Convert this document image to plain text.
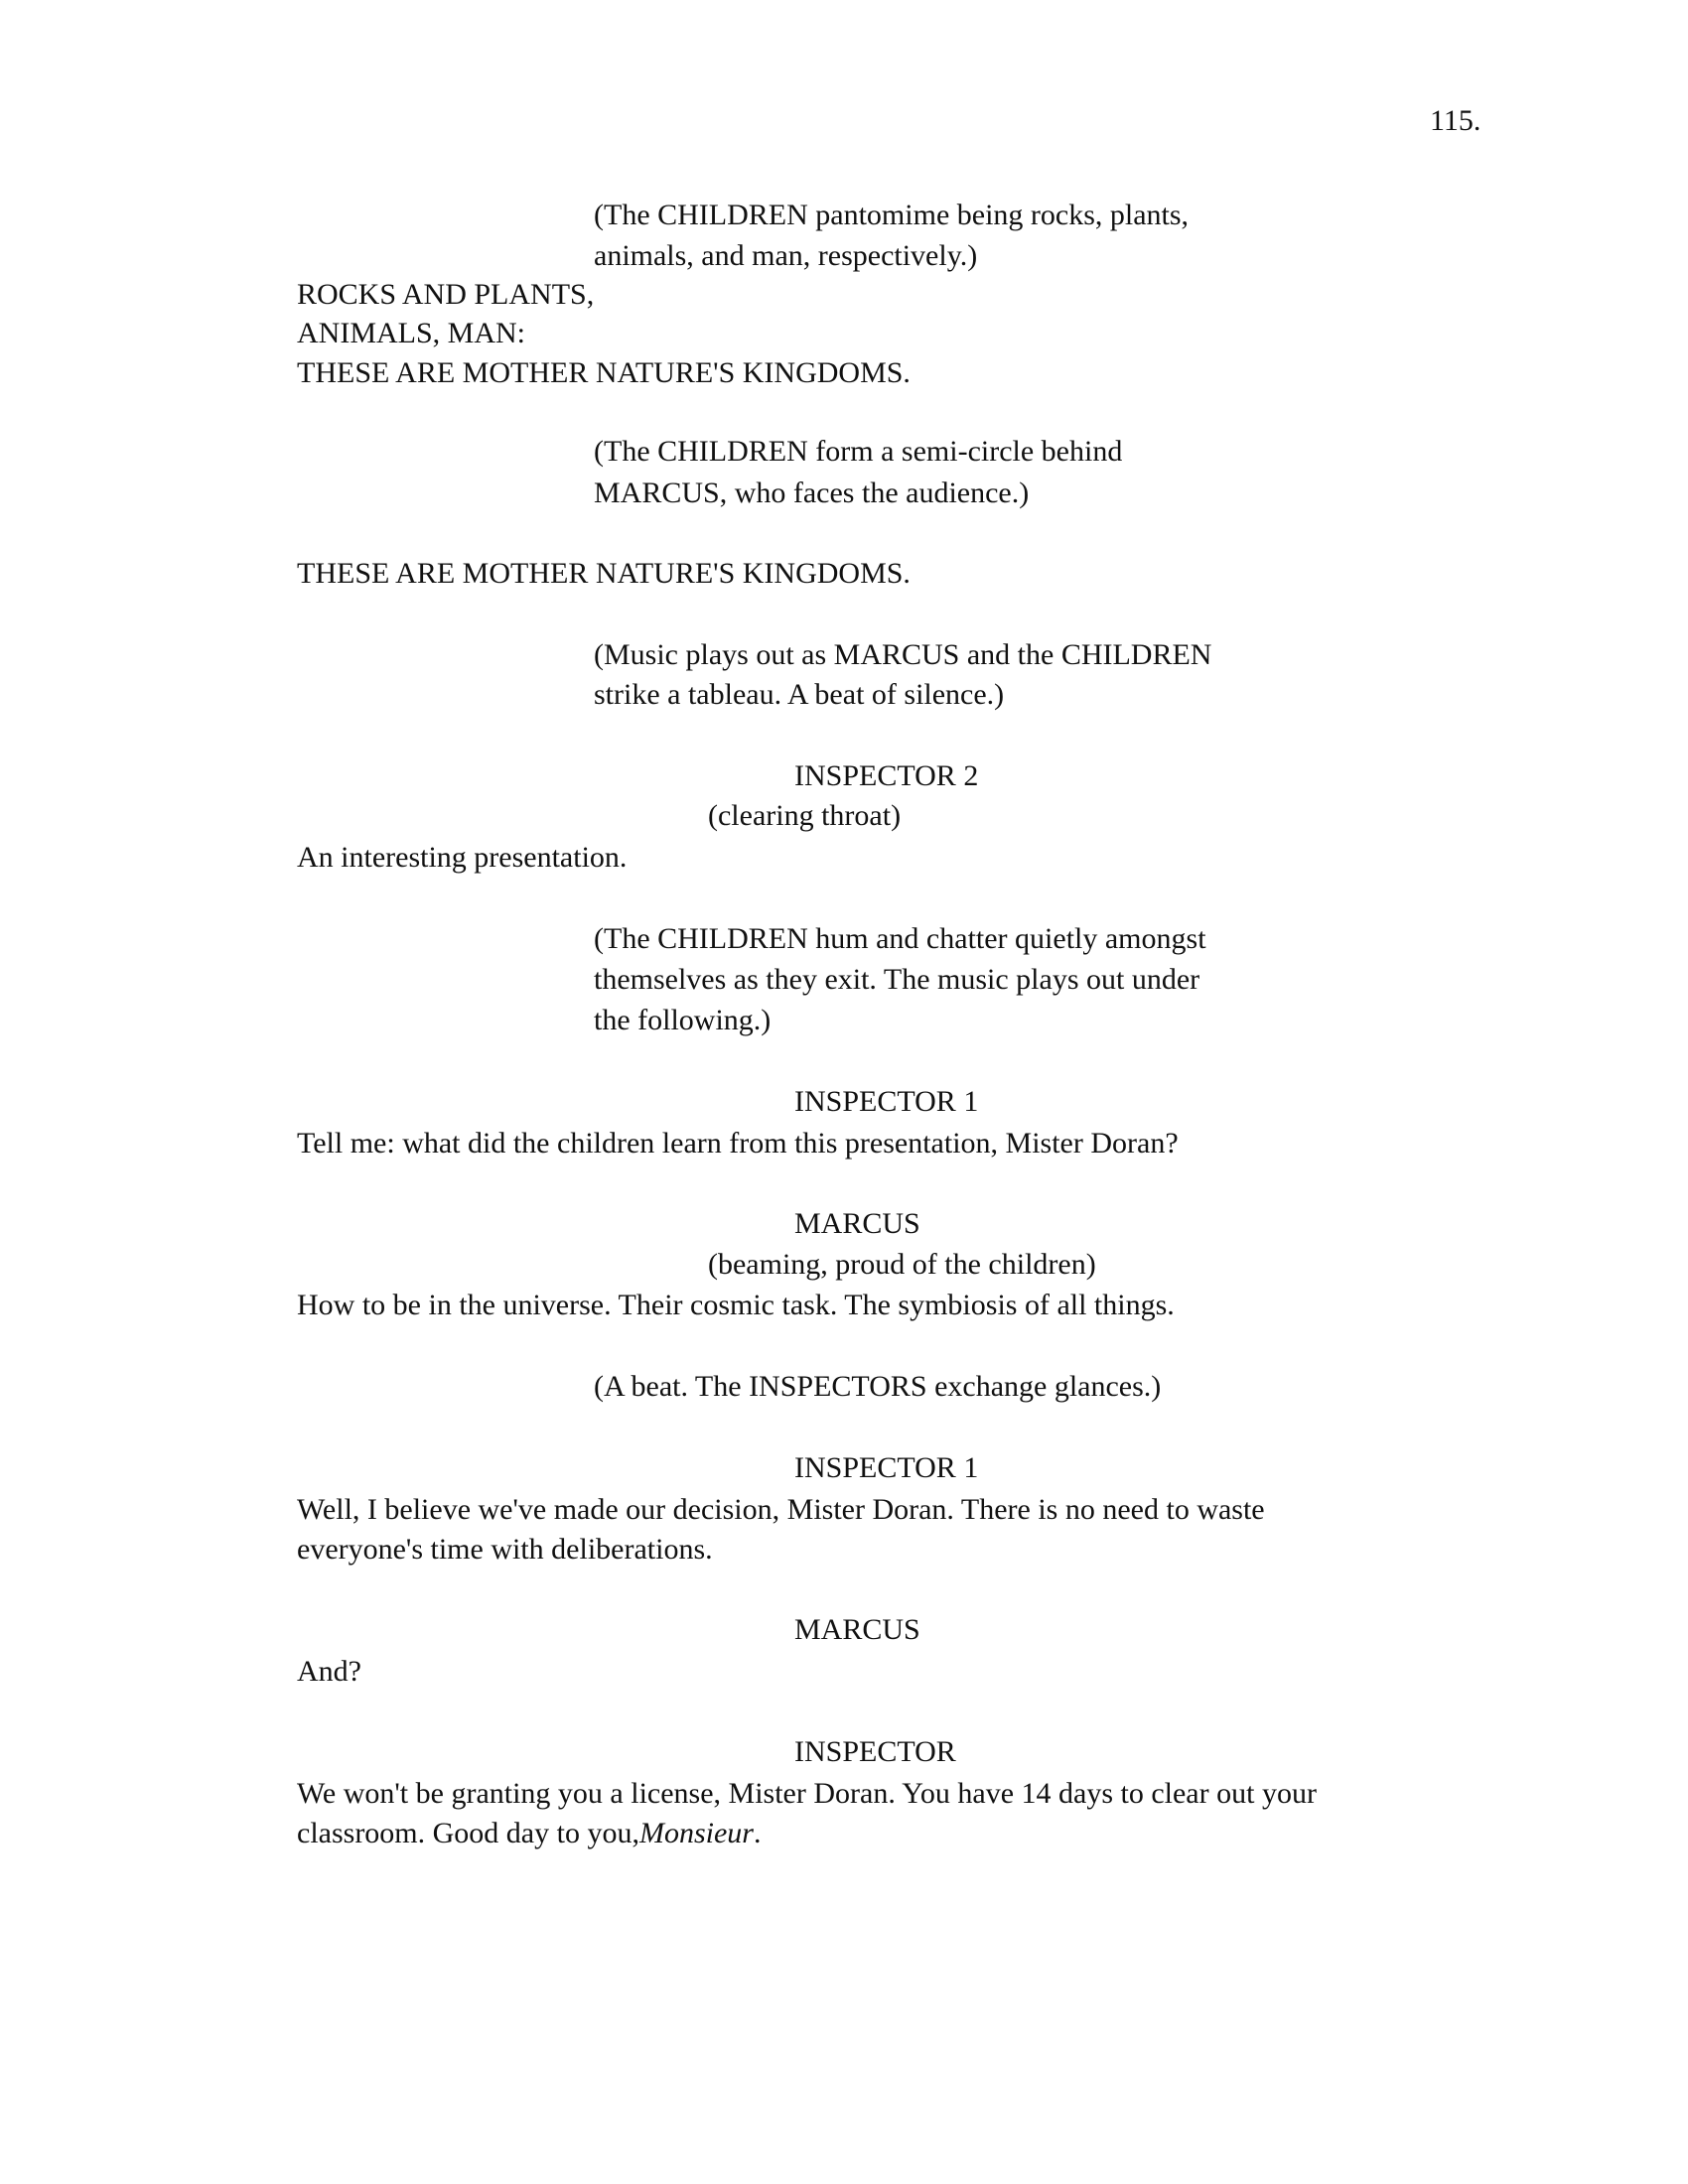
115.
(The CHILDREN pantomime being rocks, plants,
animals, and man, respectively.)
ROCKS AND PLANTS,
ANIMALS, MAN:
THESE ARE MOTHER NATURE'S KINGDOMS.
(The CHILDREN form a semi-circle behind
MARCUS, who faces the audience.)
THESE ARE MOTHER NATURE'S KINGDOMS.
(Music plays out as MARCUS and the CHILDREN
strike a tableau. A beat of silence.)
INSPECTOR 2
(clearing throat)
An interesting presentation.
(The CHILDREN hum and chatter quietly amongst
themselves as they exit. The music plays out under
the following.)
INSPECTOR 1
Tell me: what did the children learn from this presentation, Mister Doran?
MARCUS
(beaming, proud of the children)
How to be in the universe. Their cosmic task. The symbiosis of all things.
(A beat. The INSPECTORS exchange glances.)
INSPECTOR 1
Well, I believe we've made our decision, Mister Doran. There is no need to waste
everyone's time with deliberations.
MARCUS
And?
INSPECTOR
We won't be granting you a license, Mister Doran. You have 14 days to clear out your
classroom. Good day to you,Monsieur.
